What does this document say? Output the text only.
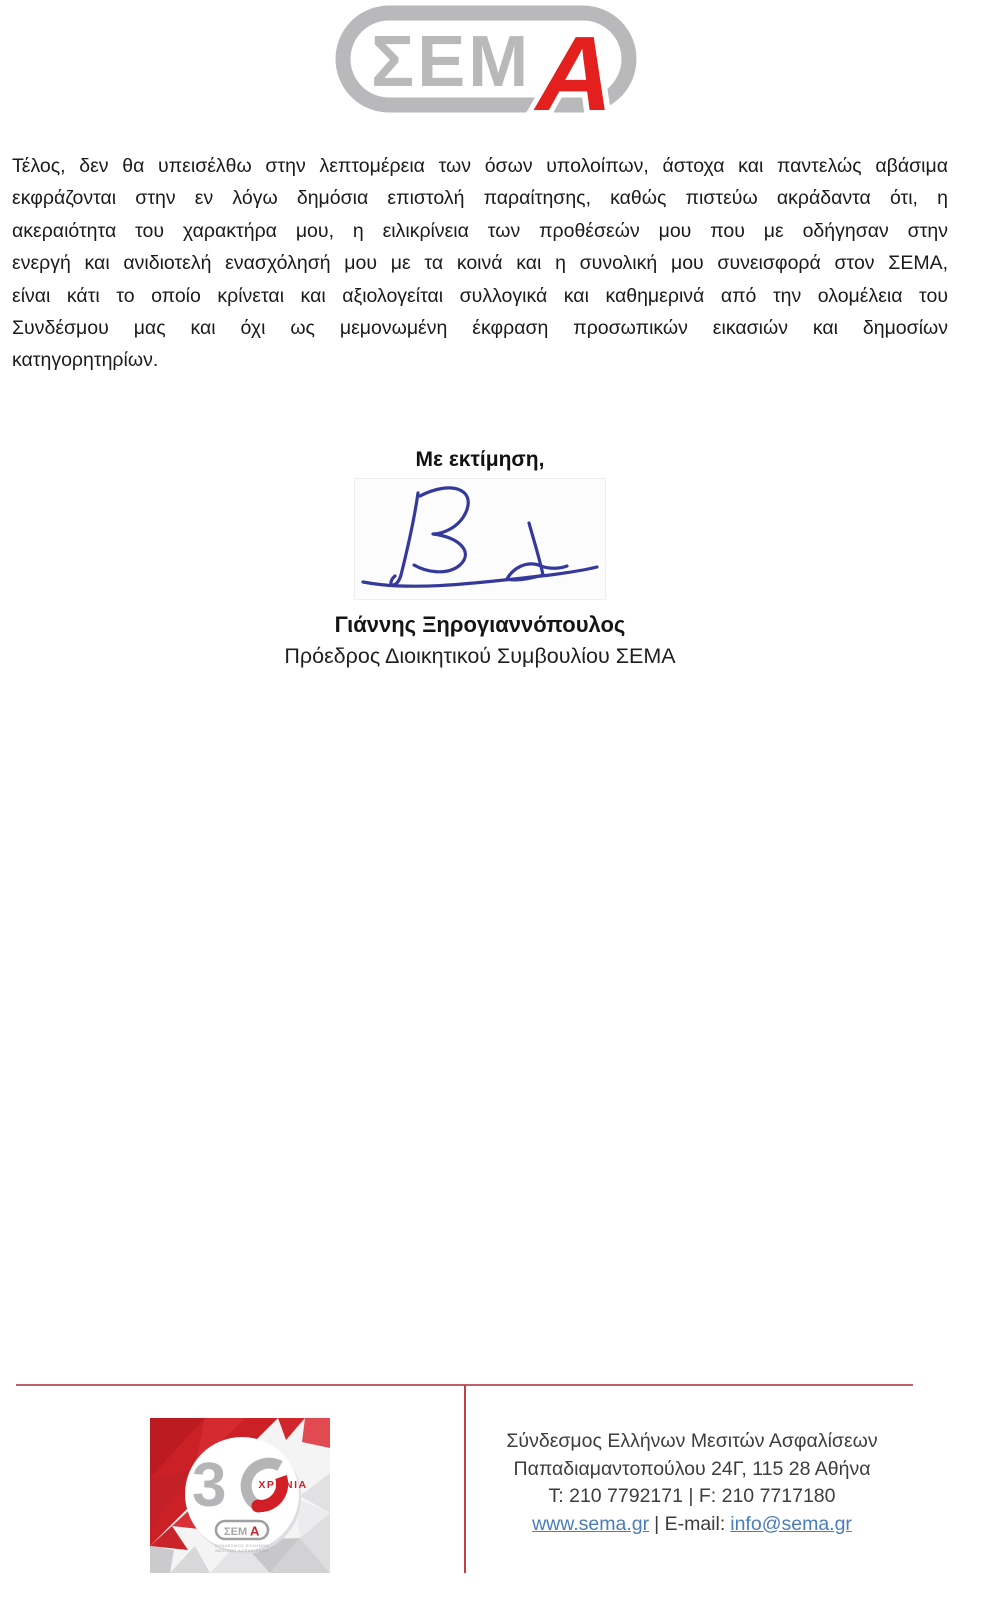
ΣΕΜ
Α
Τέλος, δεν θα υπεισέλθω στην λεπτομέρεια των όσων υπολοίπων, άστοχα και παντελώς αβάσιμα
εκφράζονται στην εν λόγω δημόσια επιστολή παραίτησης, καθώς πιστεύω ακράδαντα ότι, η
ακεραιότητα του χαρακτήρα μου, η ειλικρίνεια των προθέσεών μου που με οδήγησαν στην
ενεργή και ανιδιοτελή ενασχόλησή μου με τα κοινά και η συνολική μου συνεισφορά στον ΣΕΜΑ,
είναι κάτι το οποίο κρίνεται και αξιολογείται συλλογικά και καθημερινά από την ολομέλεια του
Συνδέσμου μας και όχι ως μεμονωμένη έκφραση προσωπικών εικασιών και δημοσίων
κατηγορητηρίων.
Με εκτίμηση,
Γιάννης Ξηρογιαννόπουλος
Πρόεδρος Διοικητικού Συμβουλίου ΣΕΜΑ
3	ΧΡΟΝΙΑ
ΣΕΜ Α
ΣΥΝΔΕΣΜΟΣ ΕΛΛΗΝΩΝ
ΜΕΣΙΤΩΝ ΑΣΦΑΛΙΣΕΩΝ
Σύνδεσμος Ελλήνων Μεσιτών Ασφαλίσεων
Παπαδιαμαντοπούλου 24Γ, 115 28 Αθήνα
Τ: 210 7792171 | F: 210 7717180
www.sema.gr | E-mail: info@sema.gr
